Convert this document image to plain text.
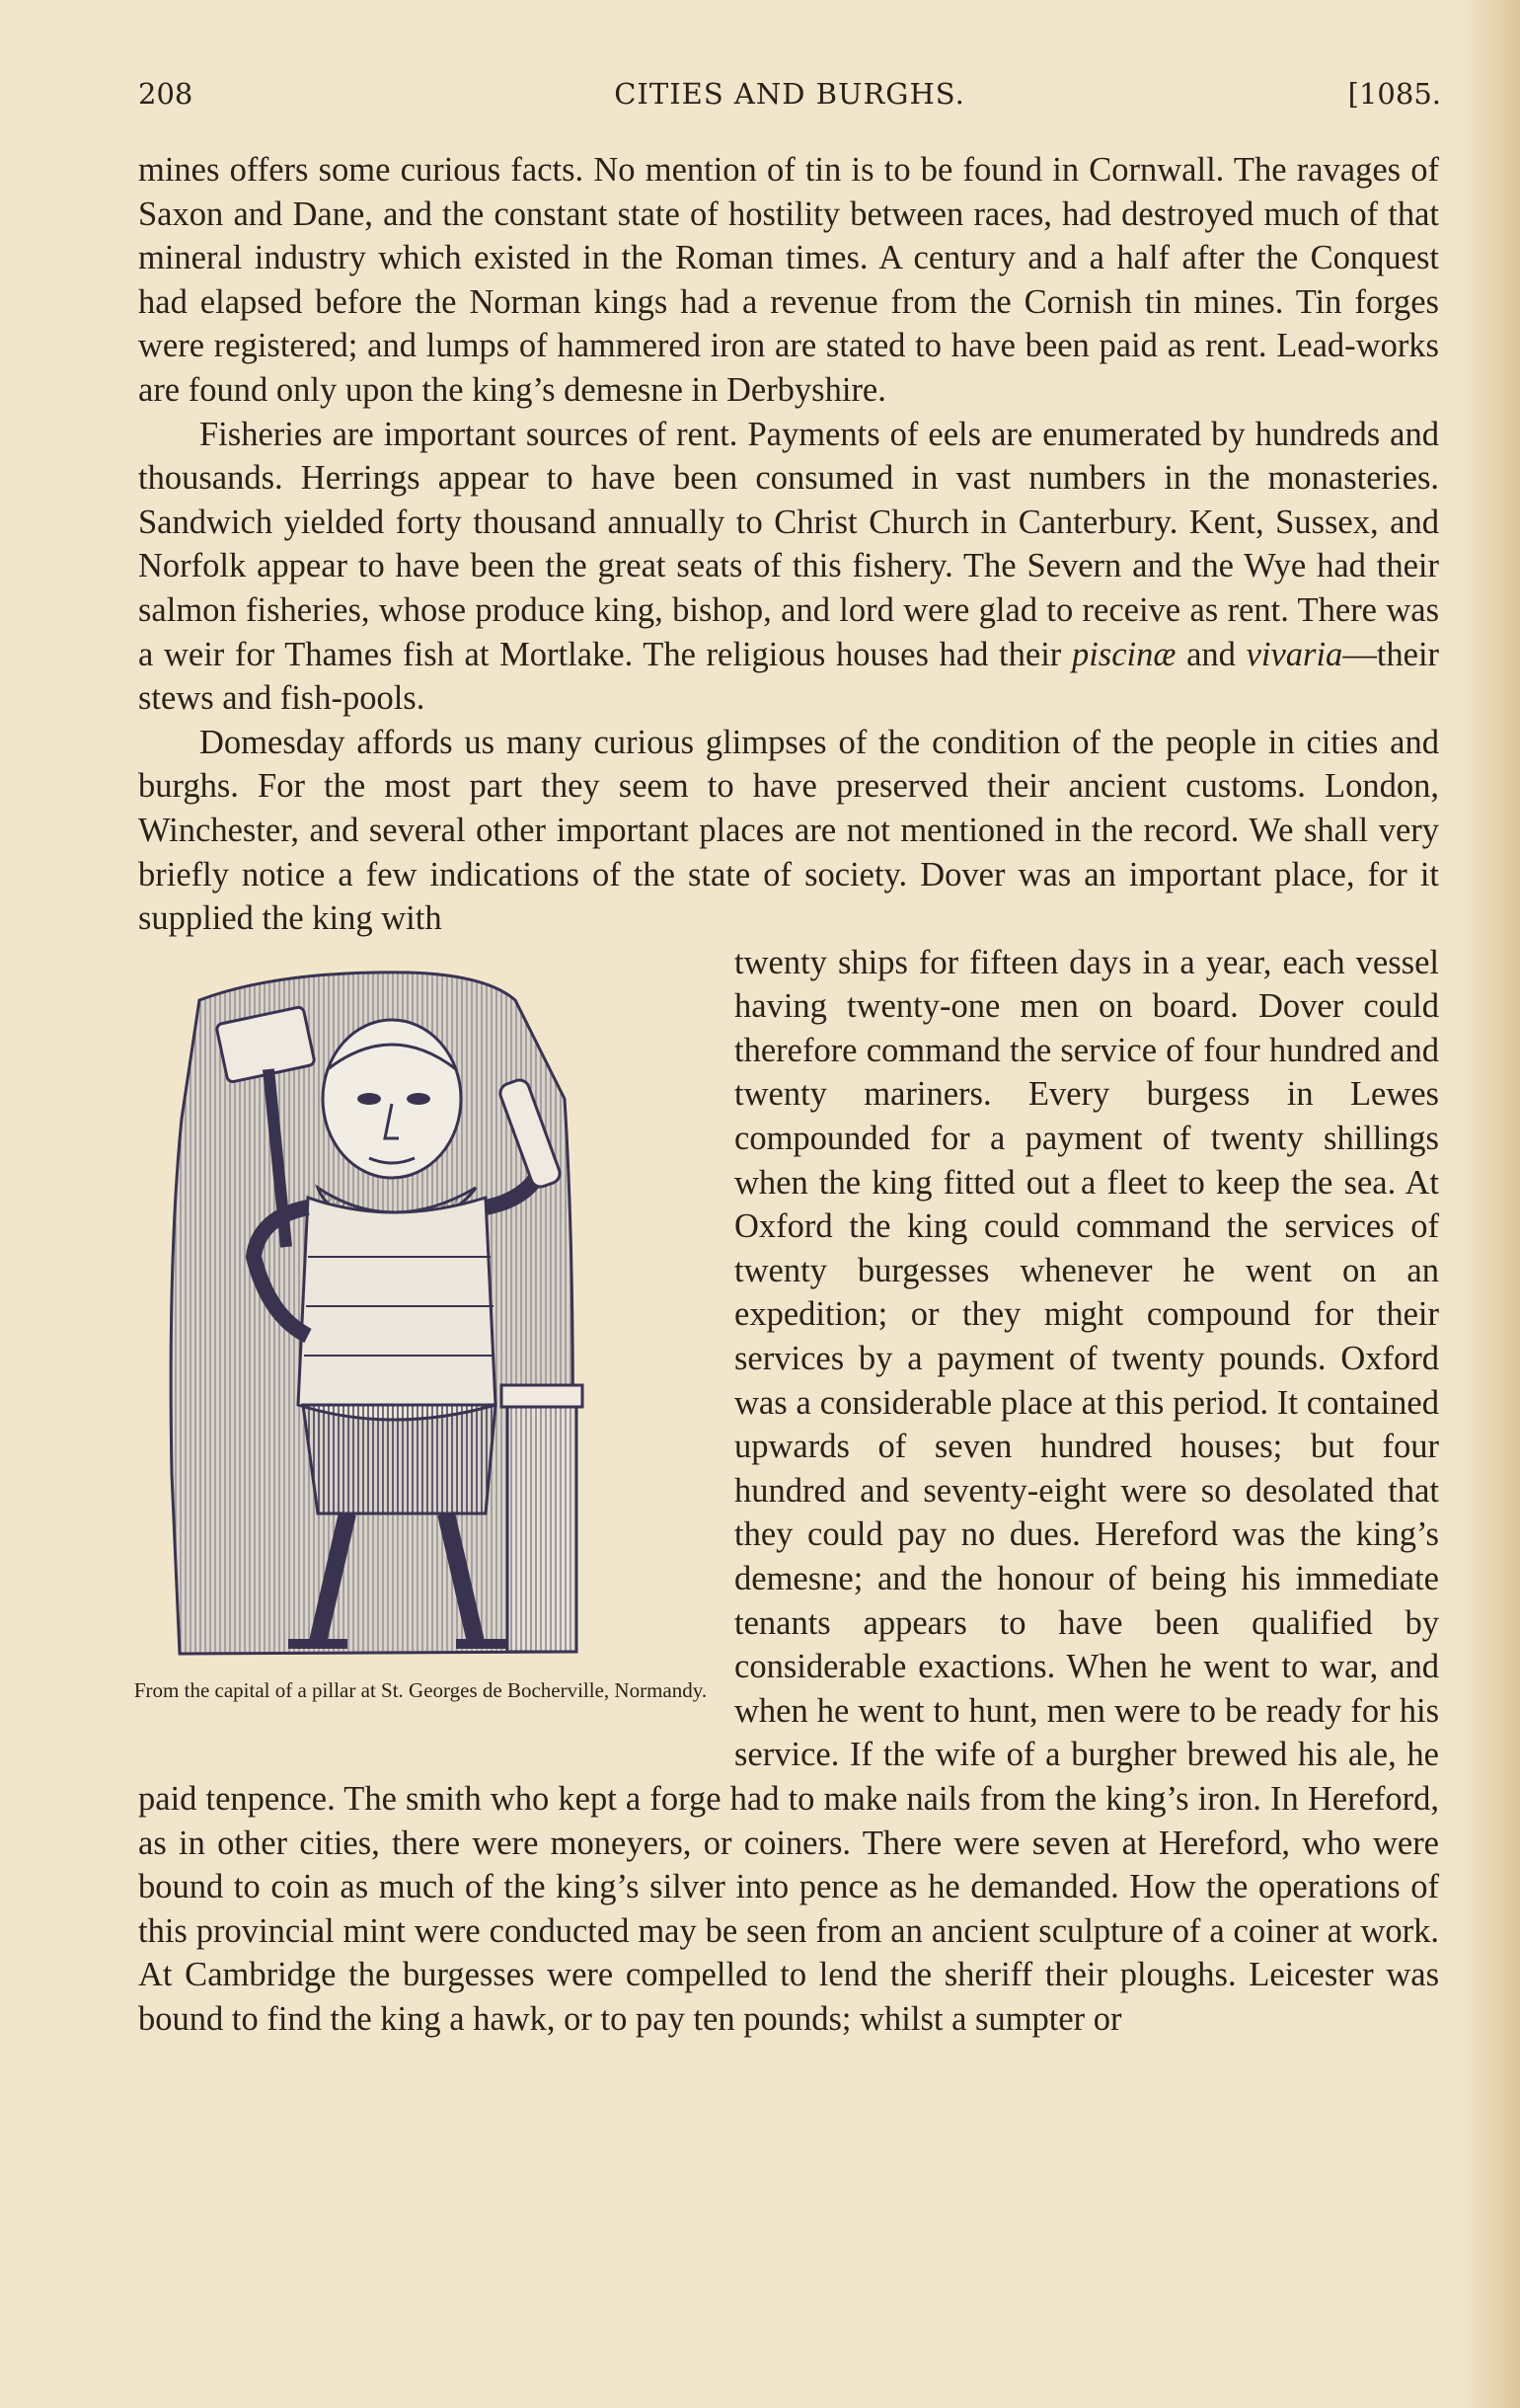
208	CITIES AND BURGHS.	[1085.

mines offers some curious facts. No mention of tin is to be found in Cornwall. The ravages of Saxon and Dane, and the constant state of hostility between races, had destroyed much of that mineral industry which existed in the Roman times. A century and a half after the Conquest had elapsed before the Norman kings had a revenue from the Cornish tin mines. Tin forges were registered; and lumps of hammered iron are stated to have been paid as rent. Lead-works are found only upon the king’s demesne in Derbyshire.

Fisheries are important sources of rent. Payments of eels are enumerated by hundreds and thousands. Herrings appear to have been consumed in vast numbers in the monasteries. Sandwich yielded forty thousand annually to Christ Church in Canterbury. Kent, Sussex, and Norfolk appear to have been the great seats of this fishery. The Severn and the Wye had their salmon fisheries, whose produce king, bishop, and lord were glad to receive as rent. There was a weir for Thames fish at Mortlake. The religious houses had their piscinæ and vivaria—their stews and fish-pools.

Domesday affords us many curious glimpses of the condition of the people in cities and burghs. For the most part they seem to have preserved their ancient customs. London, Winchester, and several other important places are not mentioned in the record. We shall very briefly notice a few indications of the state of society. Dover was an important place, for it supplied the king with

From the capital of a pillar at St. Georges de Bocherville, Normandy.

twenty ships for fifteen days in a year, each vessel having twenty-one men on board. Dover could therefore command the service of four hundred and twenty mariners. Every burgess in Lewes compounded for a payment of twenty shillings when the king fitted out a fleet to keep the sea. At Oxford the king could command the services of twenty burgesses whenever he went on an expedition; or they might compound for their services by a payment of twenty pounds. Oxford was a considerable place at this period. It contained upwards of seven hundred houses; but four hundred and seventy-eight were so desolated that they could pay no dues. Hereford was the king’s demesne; and the honour of being his immediate tenants appears to have been qualified by considerable exactions. When he went to war, and when he went to hunt, men were to be ready for his service. If the wife of a burgher brewed his ale, he paid tenpence. The smith who kept a forge had to make nails from the king’s iron. In Hereford, as in other cities, there were moneyers, or coiners. There were seven at Hereford, who were bound to coin as much of the king’s silver into pence as he demanded. How the operations of this provincial mint were conducted may be seen from an ancient sculpture of a coiner at work. At Cambridge the burgesses were compelled to lend the sheriff their ploughs. Leicester was bound to find the king a hawk, or to pay ten pounds; whilst a sumpter or
